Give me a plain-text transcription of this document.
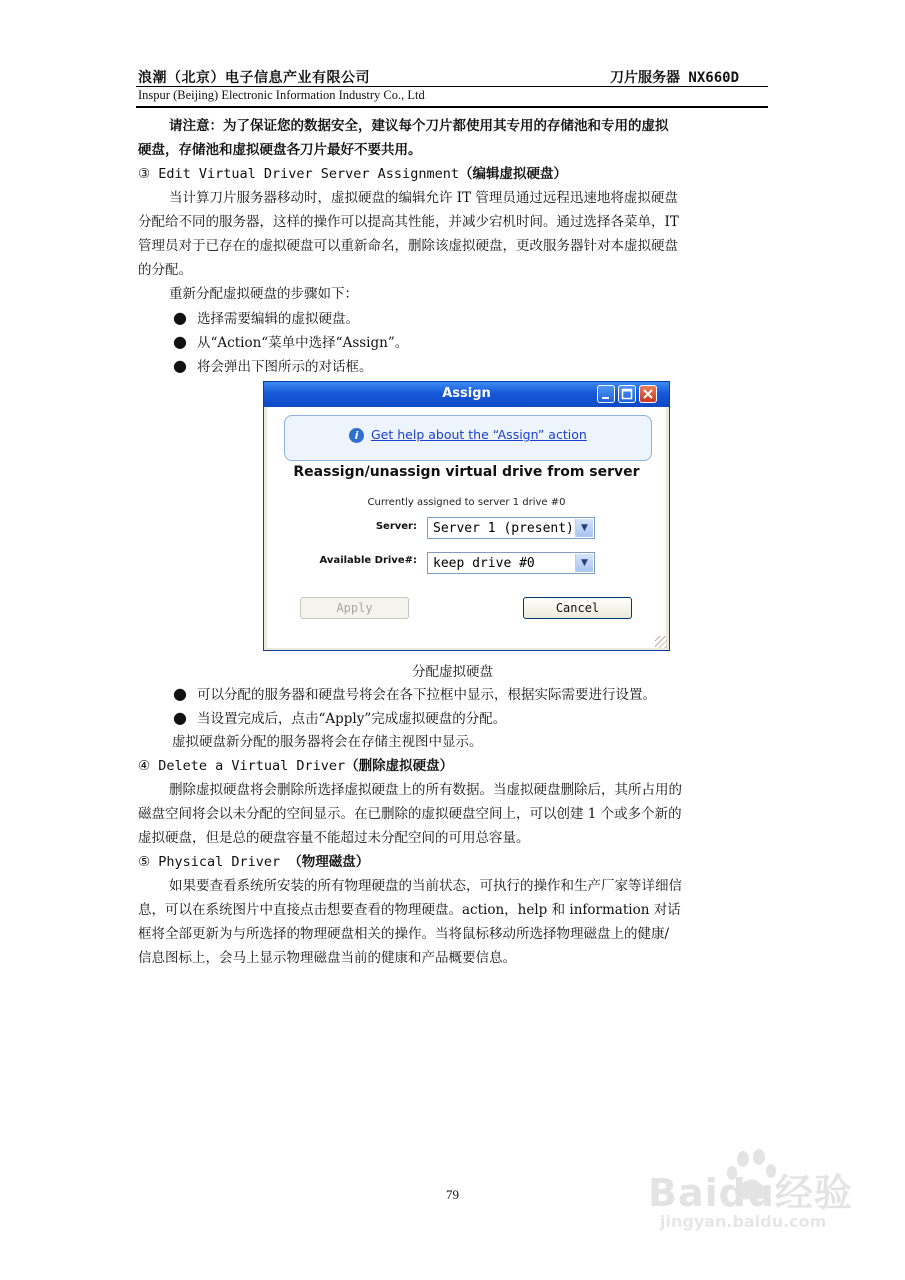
浪潮（北京）电子信息产业有限公司	刀片服务器 NX660D
Inspur (Beijing) Electronic Information Industry Co., Ltd
请注意：为了保证您的数据安全，建议每个刀片都使用其专用的存储池和专用的虚拟
硬盘，存储池和虚拟硬盘各刀片最好不要共用。
③ Edit Virtual Driver Server Assignment（编辑虚拟硬盘）
当计算刀片服务器移动时，虚拟硬盘的编辑允许 IT 管理员通过远程迅速地将虚拟硬盘
分配给不同的服务器，这样的操作可以提高其性能，并减少宕机时间。通过选择各菜单，IT
管理员对于已存在的虚拟硬盘可以重新命名，删除该虚拟硬盘，更改服务器针对本虚拟硬盘
的分配。
重新分配虚拟硬盘的步骤如下：
● 选择需要编辑的虚拟硬盘。
● 从“Action“菜单中选择“Assign”。
● 将会弹出下图所示的对话框。
Assign
i	Get help about the “Assign” action
Reassign/unassign virtual drive from server
Currently assigned to server 1 drive #0
Server: Server 1 (present) ▼
Available Drive#: keep drive #0	▼
Apply	Cancel
分配虚拟硬盘
● 可以分配的服务器和硬盘号将会在各下拉框中显示，根据实际需要进行设置。
● 当设置完成后，点击“Apply”完成虚拟硬盘的分配。
虚拟硬盘新分配的服务器将会在存储主视图中显示。
④ Delete a Virtual Driver（删除虚拟硬盘）
删除虚拟硬盘将会删除所选择虚拟硬盘上的所有数据。当虚拟硬盘删除后，其所占用的
磁盘空间将会以未分配的空间显示。在已删除的虚拟硬盘空间上，可以创建 1 个或多个新的
虚拟硬盘，但是总的硬盘容量不能超过未分配空间的可用总容量。
⑤ Physical Driver （物理磁盘）
如果要查看系统所安装的所有物理硬盘的当前状态，可执行的操作和生产厂家等详细信
息，可以在系统图片中直接点击想要查看的物理硬盘。action，help 和 information 对话
框将全部更新为与所选择的物理硬盘相关的操作。当将鼠标移动所选择物理磁盘上的健康/
信息图标上，会马上显示物理磁盘当前的健康和产品概要信息。
79	Baidu经验
jingyan.baidu.com
